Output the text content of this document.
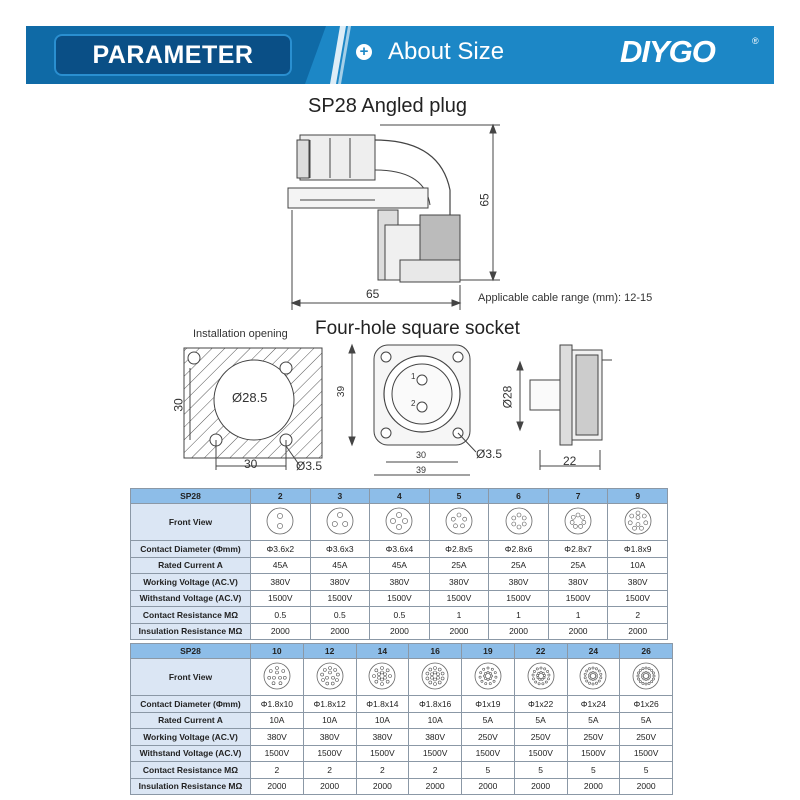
PARAMETER	+ About Size	DIYGO	®
SP28 Angled plug
65
65
Applicable cable range (mm): 12-15
Installation opening
Ø28.5
30
30	Ø3.5
Four-hole square socket
39
1
2
30
39
Ø3.5
Ø28
22
SP28	2	3	4	5	6	7	9
Front View							
Contact Diameter (Φmm)	Φ3.6x2	Φ3.6x3	Φ3.6x4	Φ2.8x5	Φ2.8x6	Φ2.8x7	Φ1.8x9
Rated Current A	45A	45A	45A	25A	25A	25A	10A
Working Voltage (AC.V)	380V	380V	380V	380V	380V	380V	380V
Withstand Voltage (AC.V)	1500V	1500V	1500V	1500V	1500V	1500V	1500V
Contact Resistance MΩ	0.5	0.5	0.5	1	1	1	2
Insulation Resistance MΩ	2000	2000	2000	2000	2000	2000	2000
SP28	10	12	14	16	19	22	24	26
Front View								
Contact Diameter (Φmm)	Φ1.8x10	Φ1.8x12	Φ1.8x14	Φ1.8x16	Φ1x19	Φ1x22	Φ1x24	Φ1x26
Rated Current A	10A	10A	10A	10A	5A	5A	5A	5A
Working Voltage (AC.V)	380V	380V	380V	380V	250V	250V	250V	250V
Withstand Voltage (AC.V)	1500V	1500V	1500V	1500V	1500V	1500V	1500V	1500V
Contact Resistance MΩ	2	2	2	2	5	5	5	5
Insulation Resistance MΩ	2000	2000	2000	2000	2000	2000	2000	2000
